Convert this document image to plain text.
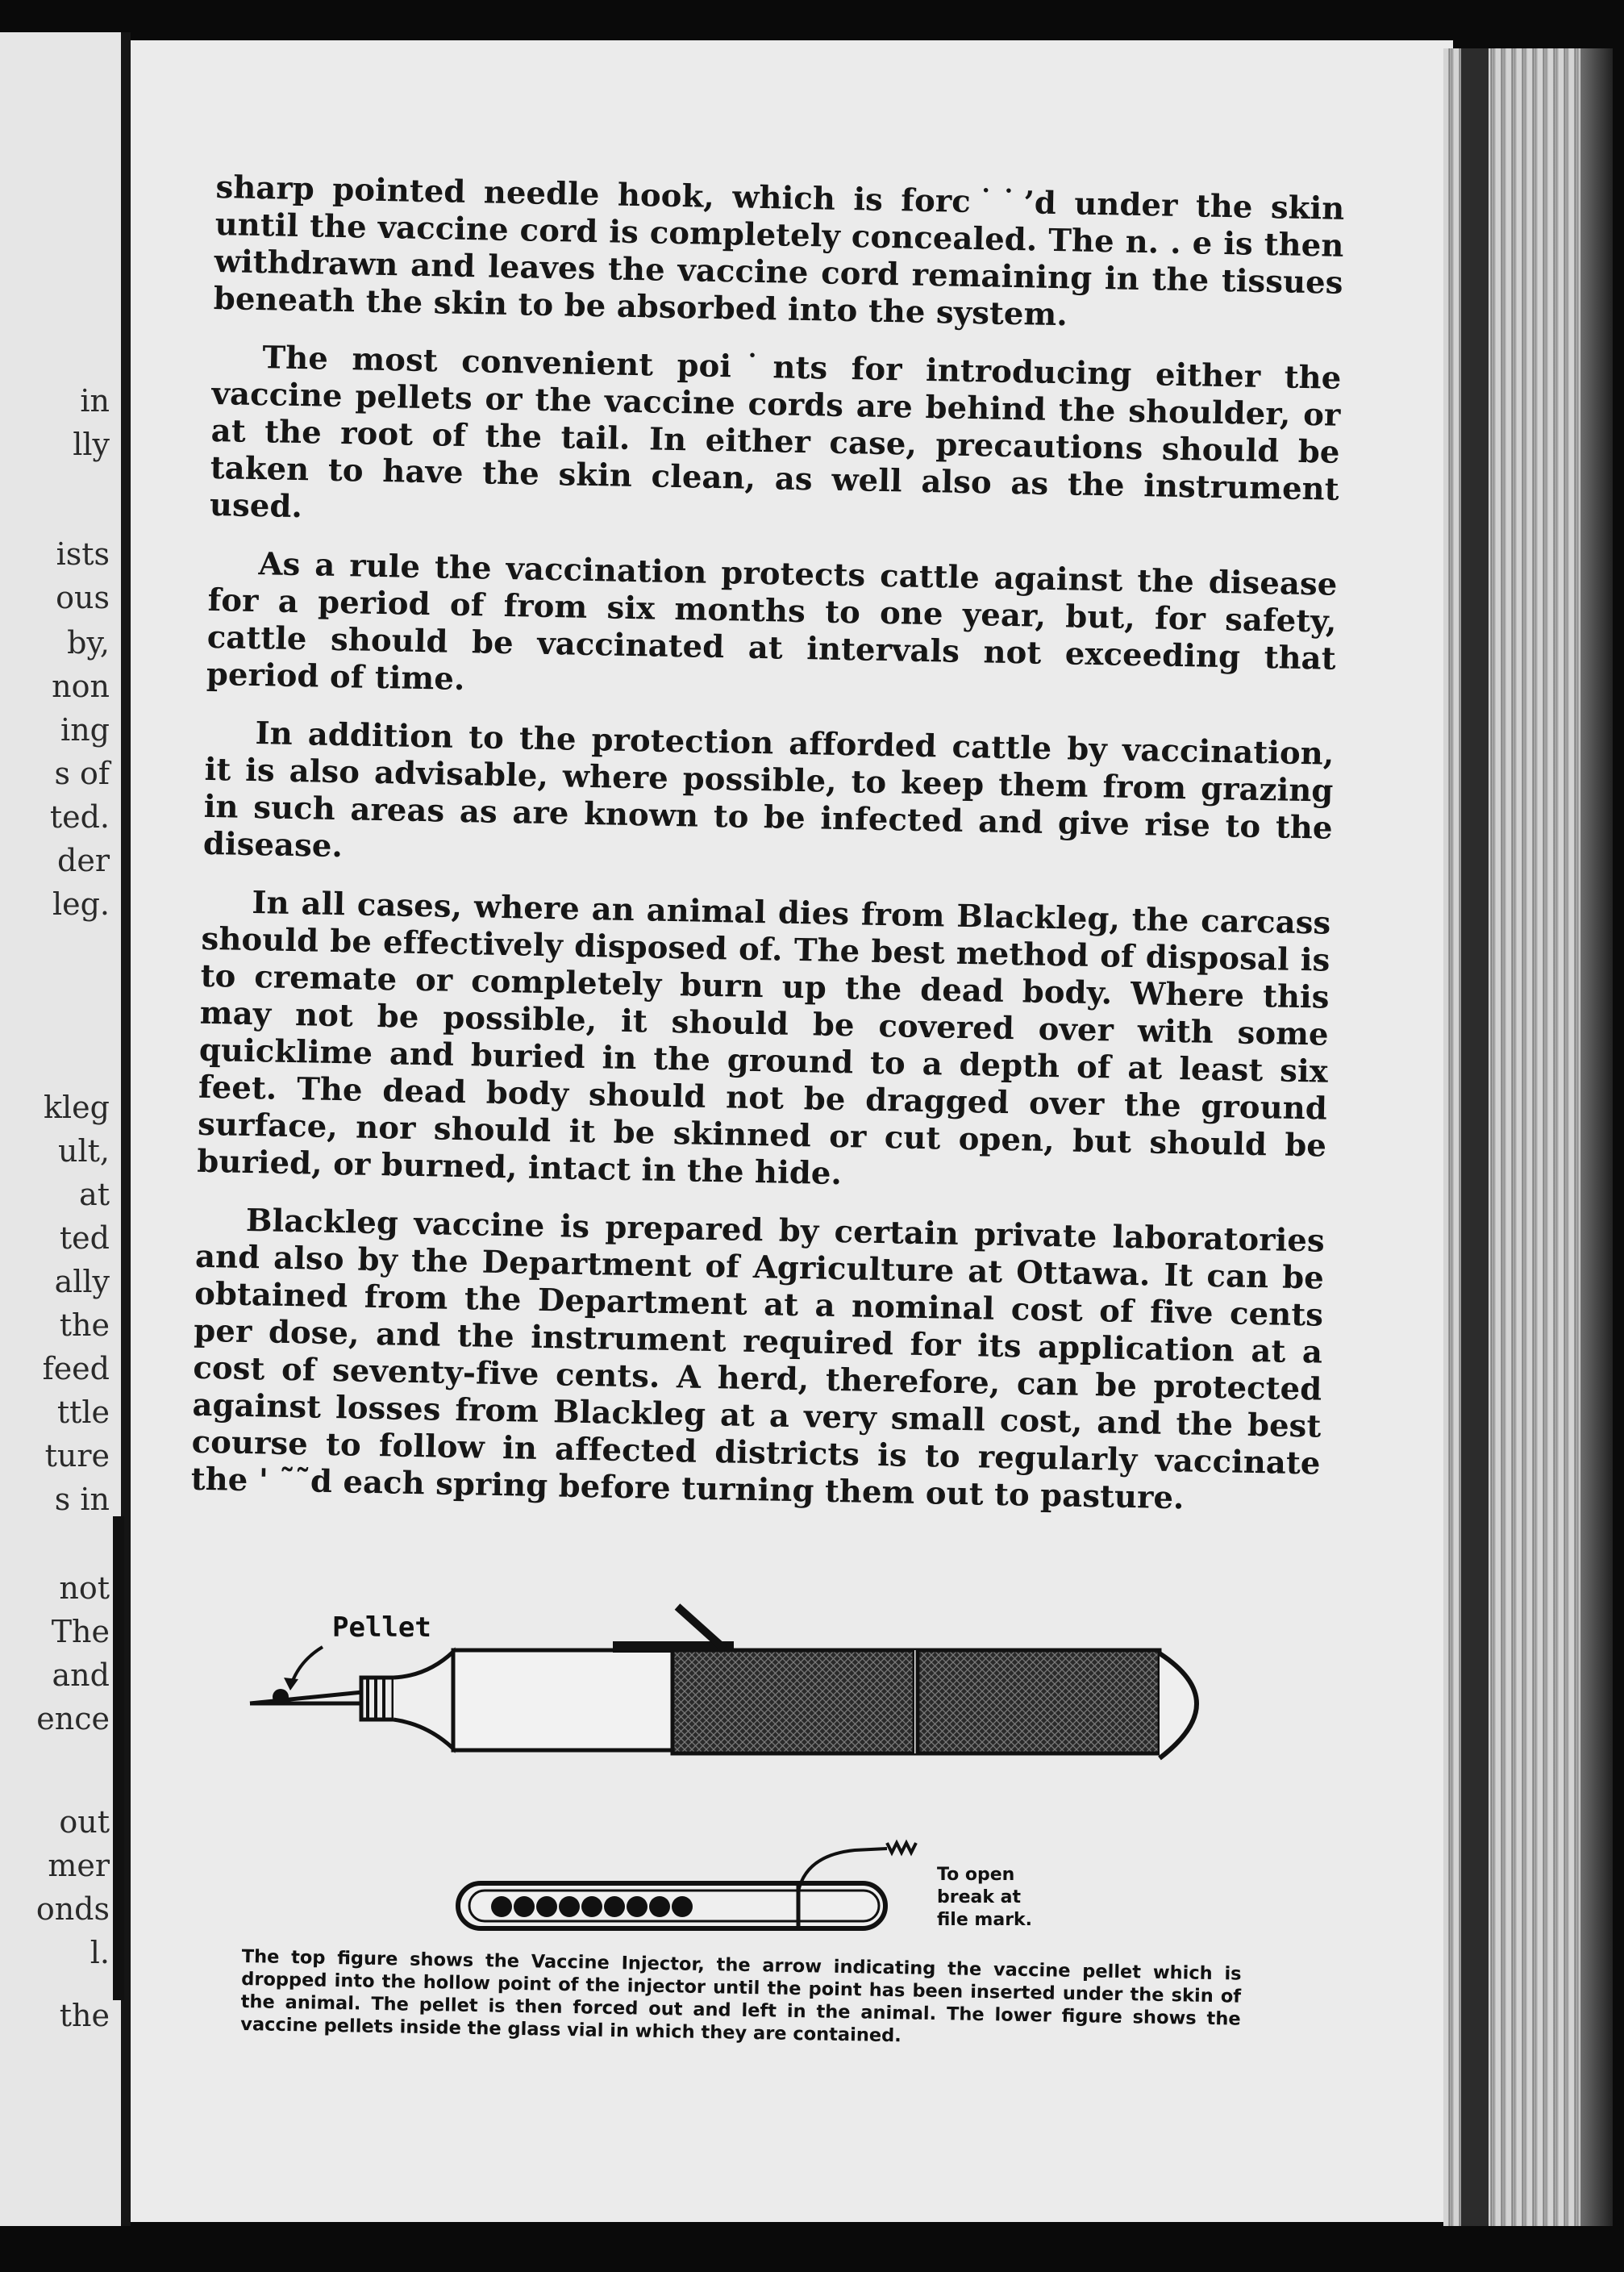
in
lly
ists
ous
by,
non
ing
s of
ted.
der
leg.
kleg
ult,
at
ted
ally
the
feed
ttle
ture
s in
not
The
and
ence
out
mer
onds
l.
the

sharp pointed needle hook, which is forc˙˙’d under the skin until the vaccine cord is completely concealed. The n․ ․ e is then withdrawn and leaves the vaccine cord remaining in the tissues beneath the skin to be absorbed into the system.

The most convenient poi˙nts for introducing either the vaccine pellets or the vaccine cords are behind the shoulder, or at the root of the tail. In either case, precautions should be taken to have the skin clean, as well also as the instrument used.

As a rule the vaccination protects cattle against the disease for a period of from six months to one year, but, for safety, cattle should be vaccinated at intervals not exceeding that period of time.

In addition to the protection afforded cattle by vaccination, it is also advisable, where possible, to keep them from grazing in such areas as are known to be infected and give rise to the disease.

In all cases, where an animal dies from Blackleg, the carcass should be effectively disposed of. The best method of disposal is to cremate or completely burn up the dead body. Where this may not be possible, it should be covered over with some quicklime and buried in the ground to a depth of at least six feet. The dead body should not be dragged over the ground surface, nor should it be skinned or cut open, but should be buried, or burned, intact in the hide.

Blackleg vaccine is prepared by certain private laboratories and also by the Department of Agriculture at Ottawa. It can be obtained from the Department at a nominal cost of five cents per dose, and the instrument required for its application at a cost of seventy-five cents. A herd, therefore, can be protected against losses from Blackleg at a very small cost, and the best course to follow in affected districts is to regularly vaccinate the ' ˜˜d each spring before turning them out to pasture.

Pellet
To open
break at
file mark.
The top figure shows the Vaccine Injector, the arrow indicating the vaccine pellet which is dropped into the hollow point of the injector until the point has been inserted under the skin of the animal. The pellet is then forced out and left in the animal. The lower figure shows the vaccine pellets inside the glass vial in which they are contained.
